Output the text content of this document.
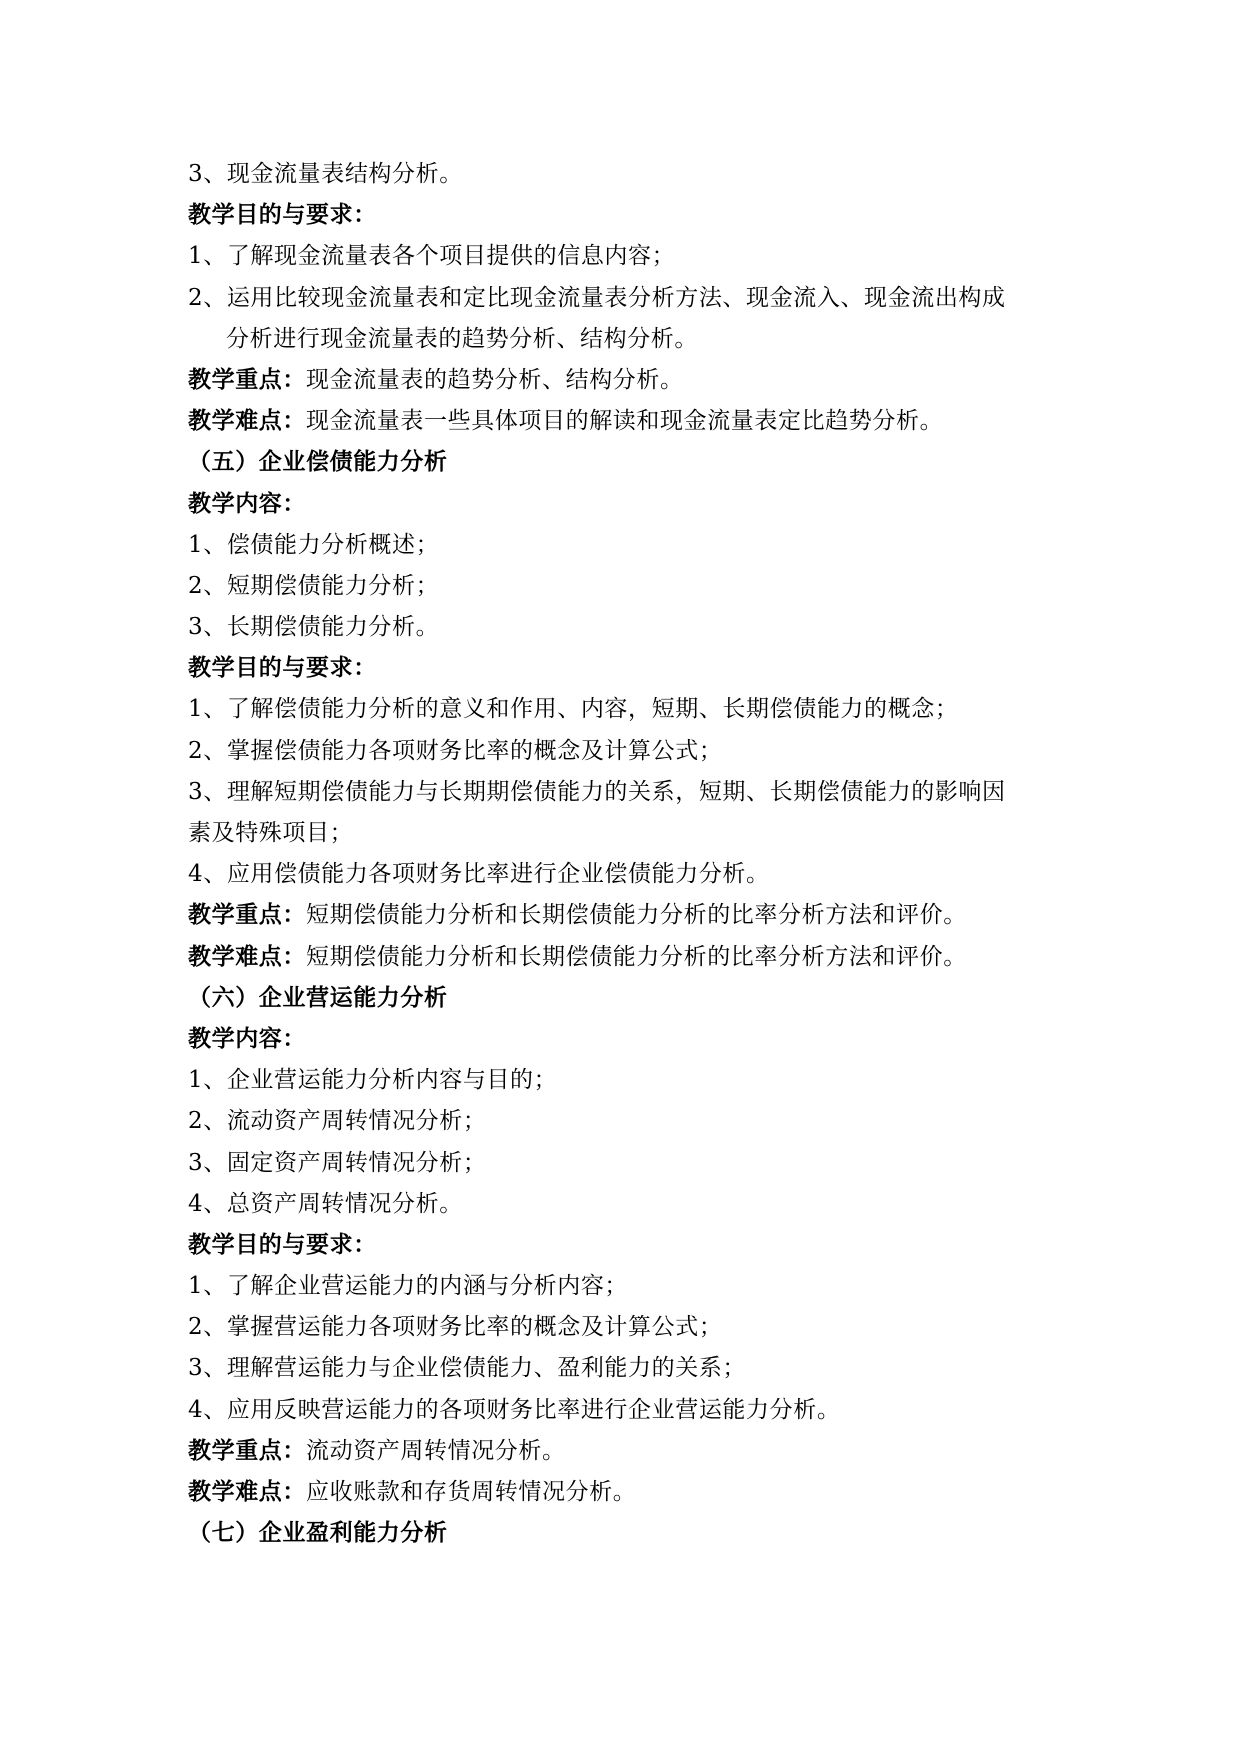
3、现金流量表结构分析。
教学目的与要求：
1、了解现金流量表各个项目提供的信息内容；
2、运用比较现金流量表和定比现金流量表分析方法、现金流入、现金流出构成
分析进行现金流量表的趋势分析、结构分析。
教学重点：现金流量表的趋势分析、结构分析。
教学难点：现金流量表一些具体项目的解读和现金流量表定比趋势分析。
（五）企业偿债能力分析
教学内容：
1、偿债能力分析概述；
2、短期偿债能力分析；
3、长期偿债能力分析。
教学目的与要求：
1、了解偿债能力分析的意义和作用、内容，短期、长期偿债能力的概念；
2、掌握偿债能力各项财务比率的概念及计算公式；
3、理解短期偿债能力与长期期偿债能力的关系，短期、长期偿债能力的影响因
素及特殊项目；
4、应用偿债能力各项财务比率进行企业偿债能力分析。
教学重点：短期偿债能力分析和长期偿债能力分析的比率分析方法和评价。
教学难点：短期偿债能力分析和长期偿债能力分析的比率分析方法和评价。
（六）企业营运能力分析
教学内容：
1、企业营运能力分析内容与目的；
2、流动资产周转情况分析；
3、固定资产周转情况分析；
4、总资产周转情况分析。
教学目的与要求：
1、了解企业营运能力的内涵与分析内容；
2、掌握营运能力各项财务比率的概念及计算公式；
3、理解营运能力与企业偿债能力、盈利能力的关系；
4、应用反映营运能力的各项财务比率进行企业营运能力分析。
教学重点：流动资产周转情况分析。
教学难点：应收账款和存货周转情况分析。
（七）企业盈利能力分析
